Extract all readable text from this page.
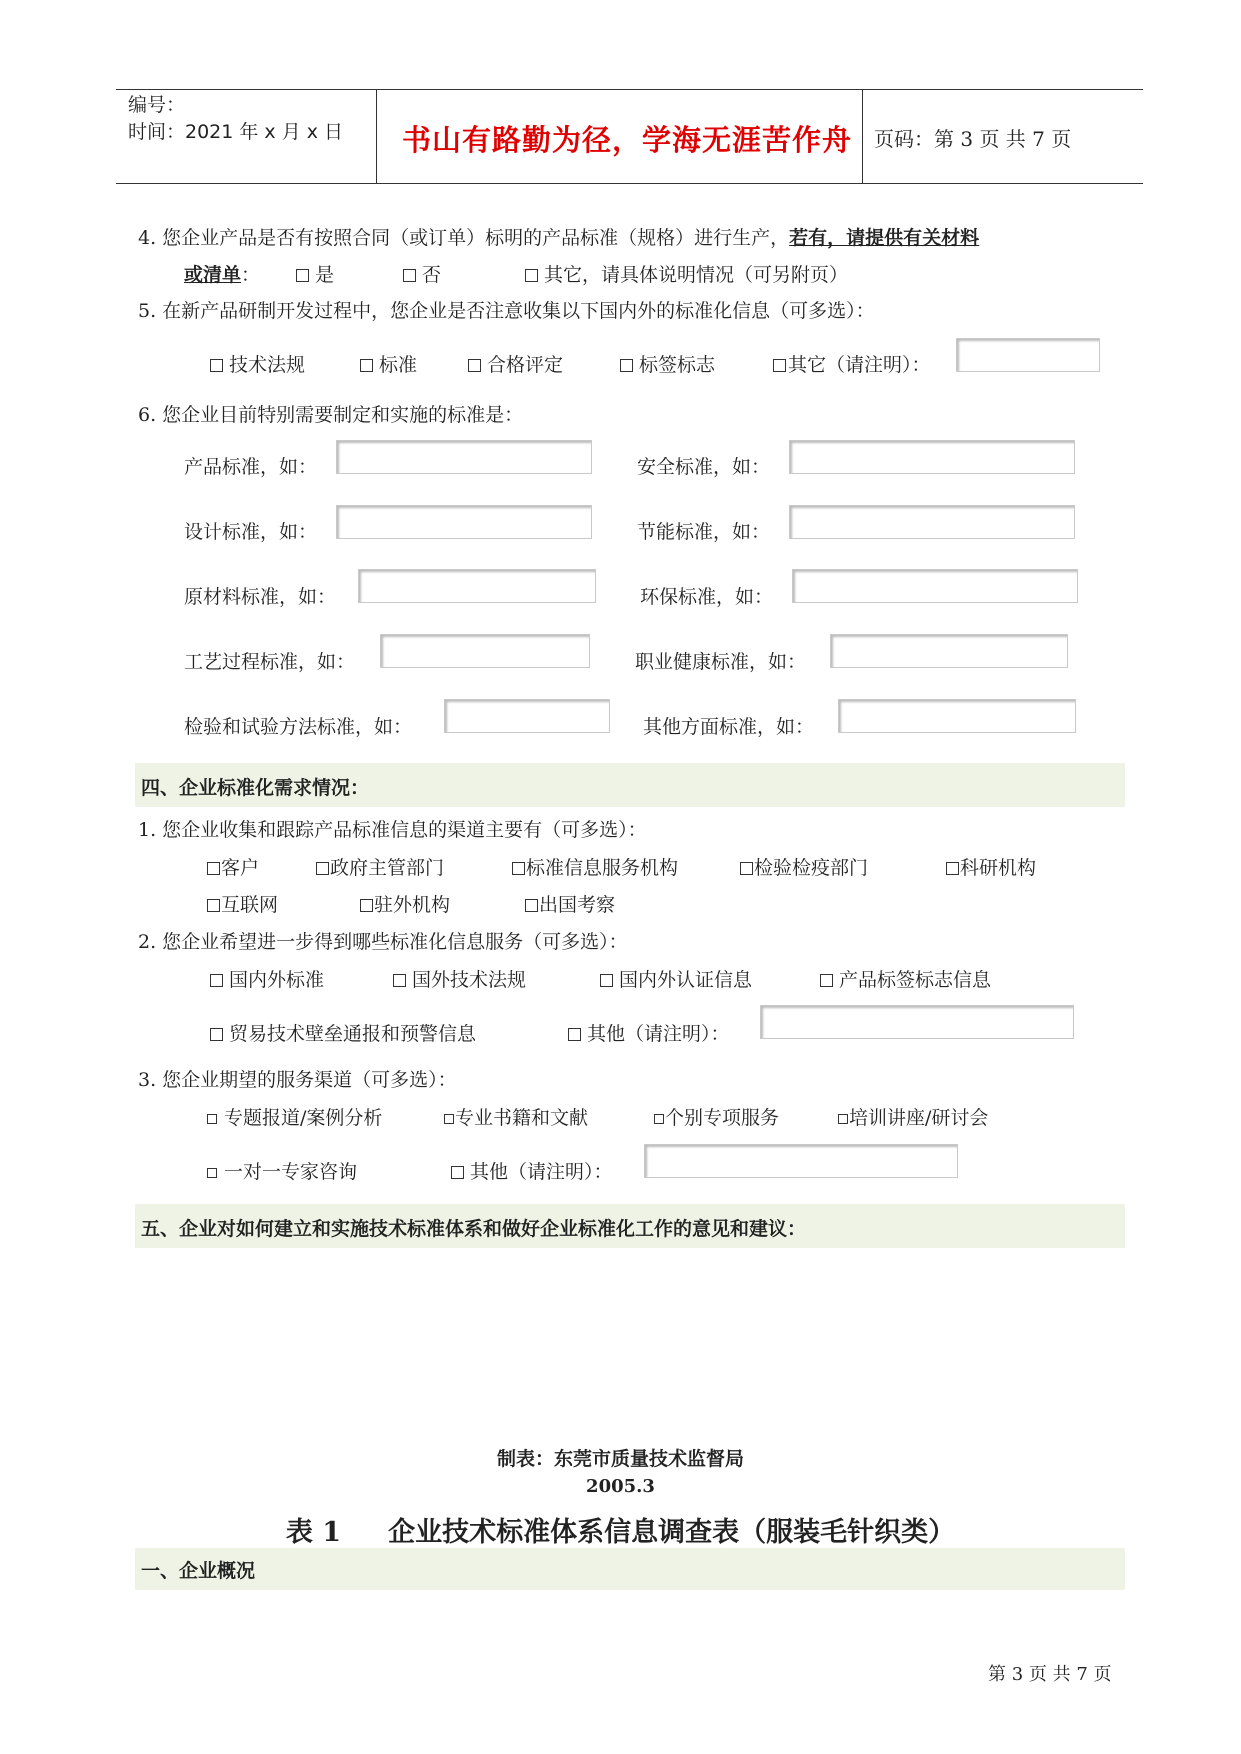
编号：
时间：2021 年 x 月 x 日 书山有路勤为径，学海无涯苦作舟 页码：第 3 页 共 7 页
4. 您企业产品是否有按照合同（或订单）标明的产品标准（规格）进行生产，若有，请提供有关材料
或清单：	是	否	其它，请具体说明情况（可另附页）
5. 在新产品研制开发过程中，您企业是否注意收集以下国内外的标准化信息（可多选）：
技术法规	标准	合格评定	标签标志	其它（请注明）：
6. 您企业目前特别需要制定和实施的标准是：
产品标准，如：	安全标准，如：
设计标准，如：	节能标准，如：
原材料标准，如：	环保标准，如：
工艺过程标准，如：	职业健康标准，如：
检验和试验方法标准，如：	其他方面标准，如：
四、企业标准化需求情况：
1. 您企业收集和跟踪产品标准信息的渠道主要有（可多选）：
客户	政府主管部门	标准信息服务机构	检验检疫部门	科研机构
互联网	驻外机构	出国考察
2. 您企业希望进一步得到哪些标准化信息服务（可多选）：
国内外标准	国外技术法规	国内外认证信息	产品标签标志信息
贸易技术壁垒通报和预警信息	其他（请注明）：
3. 您企业期望的服务渠道（可多选）：
专题报道/案例分析	专业书籍和文献	个别专项服务	培训讲座/研讨会
一对一专家咨询	其他（请注明）：
五、企业对如何建立和实施技术标准体系和做好企业标准化工作的意见和建议：
制表：东莞市质量技术监督局
2005.3
表 1     企业技术标准体系信息调查表（服装毛针织类）
一、企业概况
第 3 页 共 7 页
